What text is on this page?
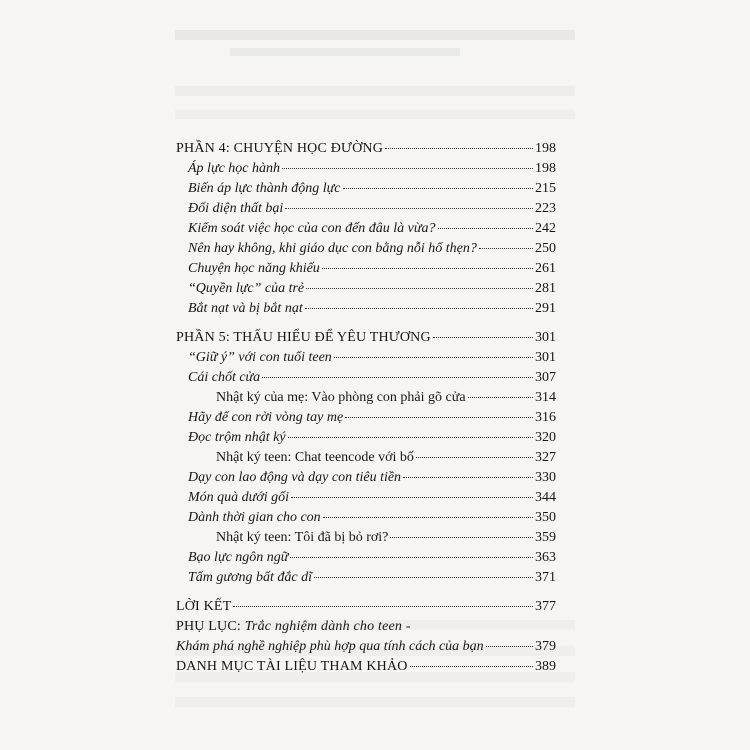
PHẦN 4: CHUYỆN HỌC ĐƯỜNG	198
Áp lực học hành	198
Biến áp lực thành động lực	215
Đối diện thất bại	223
Kiểm soát việc học của con đến đâu là vừa?	242
Nên hay không, khi giáo dục con bằng nỗi hổ thẹn?	250
Chuyện học năng khiếu	261
“Quyền lực” của trẻ	281
Bắt nạt và bị bắt nạt	291
PHẦN 5: THẤU HIỂU ĐỂ YÊU THƯƠNG	301
“Giữ ý” với con tuổi teen	301
Cái chốt cửa	307
Nhật ký của mẹ: Vào phòng con phải gõ cửa	314
Hãy để con rời vòng tay mẹ	316
Đọc trộm nhật ký	320
Nhật ký teen: Chat teencode với bố	327
Dạy con lao động và dạy con tiêu tiền	330
Món quà dưới gối	344
Dành thời gian cho con	350
Nhật ký teen: Tôi đã bị bỏ rơi?	359
Bạo lực ngôn ngữ	363
Tấm gương bất đắc dĩ	371
LỜI KẾT	377
PHỤ LỤC: Trắc nghiệm dành cho teen -
Khám phá nghề nghiệp phù hợp qua tính cách của bạn	379
DANH MỤC TÀI LIỆU THAM KHẢO	389
